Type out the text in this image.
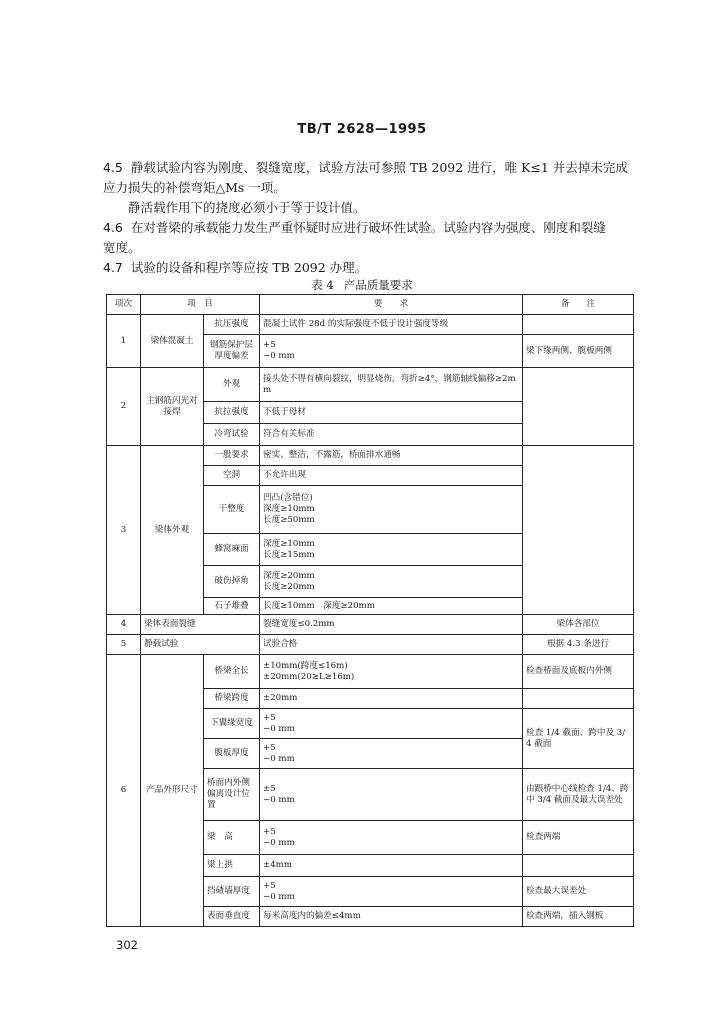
TB/T 2628—1995
4.5 静载试验内容为刚度、裂缝宽度，试验方法可参照 TB 2092 进行，唯 K≤1 并去掉未完成
应力损失的补偿弯矩△Ms 一项。
静活载作用下的挠度必须小于等于设计值。
4.6 在对普梁的承载能力发生严重怀疑时应进行破坏性试验。试验内容为强度、刚度和裂缝
宽度。
4.7 试验的设备和程序等应按 TB 2092 办理。
表 4 产品质量要求
项次	项　目		要　　求	备　　注
1	梁体混凝土	抗压强度	混凝土试件 28d 的实际强度不低于设计强度等级	
		钢筋保护层厚度偏差	+5
−0 mm	梁下缘两侧、腹板两侧
2	主钢筋闪光对接焊	外观	接头处不得有横向裂纹，明显烧伤，弯折≥4°，钢筋轴线偏移≥2mm	
		抗拉强度	不低于母材	
		冷弯试验	符合有关标准	
3	梁体外观	一般要求	密实、整洁，不露筋，桥面排水通畅	
		空洞	不允许出现	
		干整度	凹凸(含错位)
深度≥10mm
长度≥50mm	
		蜂窝麻面	深度≥10mm
长度≥15mm	
		破伤掉角	深度≥20mm
长度≥20mm	
		石子堆叠	长度≥10mm　深度≥20mm	
4	梁体表面裂缝		裂缝宽度≤0.2mm	梁体各部位
5	静载试验		试验合格	根据 4.3 条进行
6	产品外形尺寸	桥梁全长	±10mm(跨度≤16m)
±20mm(20≥L≥16m)	检查桥面及底板内外侧
		桥梁跨度	±20mm	
		下翼缘宽度	+5
−0 mm	检查 1/4 截面、跨中及 3/4 截面
		腹板厚度	+5
−0 mm	
		桥面内外侧偏离设计位置	±5
−0 mm	由跟桥中心线检查 1/4、跨中 3/4 截面及最大误差处
		梁　高	+5
−0 mm	检查两端
		梁上拱	±4mm	
		挡碴墙厚度	+5
−0 mm	检查最大误差处
		表面垂直度	每米高度内的偏差≤4mm	检查两端，插入钢板
302
